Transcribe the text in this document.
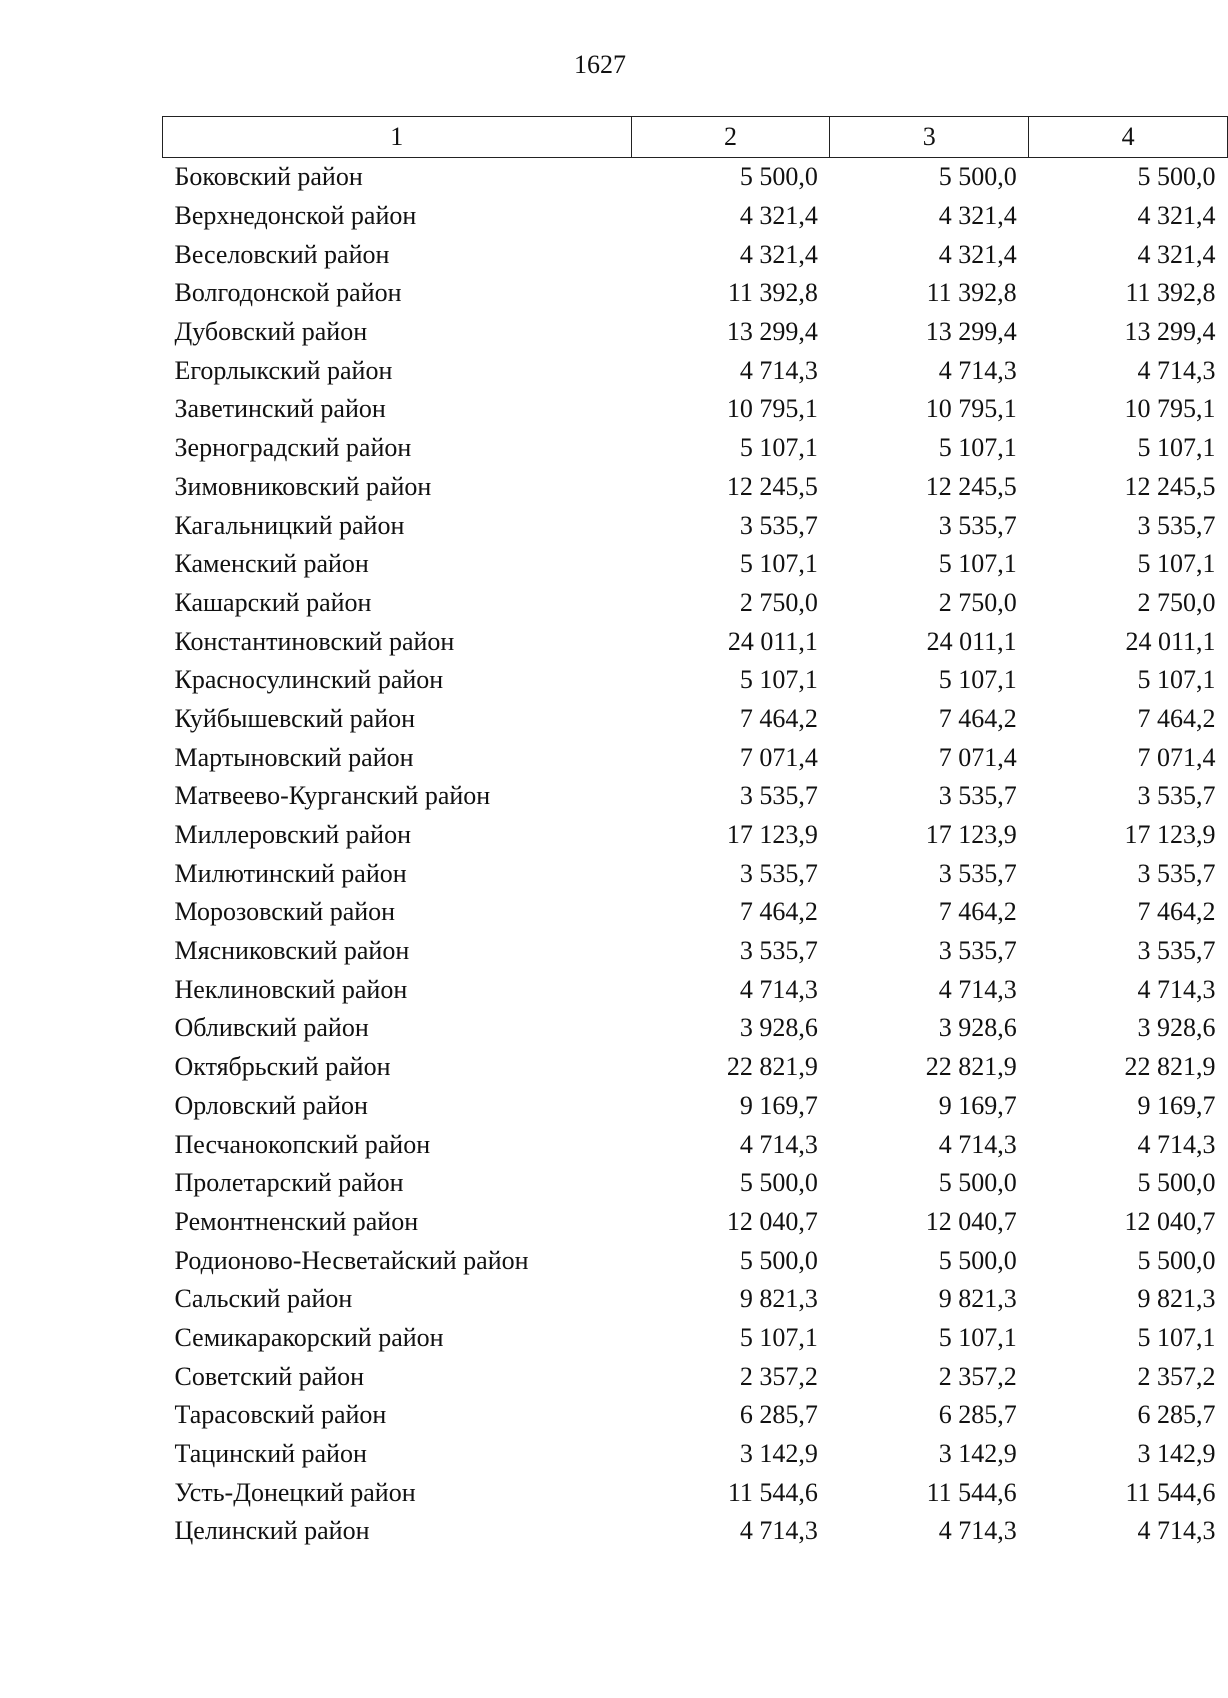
1627
1	2	3	4
Боковский район	5 500,0	5 500,0	5 500,0
Верхнедонской район	4 321,4	4 321,4	4 321,4
Веселовский район	4 321,4	4 321,4	4 321,4
Волгодонской район	11 392,8	11 392,8	11 392,8
Дубовский район	13 299,4	13 299,4	13 299,4
Егорлыкский район	4 714,3	4 714,3	4 714,3
Заветинский район	10 795,1	10 795,1	10 795,1
Зерноградский район	5 107,1	5 107,1	5 107,1
Зимовниковский район	12 245,5	12 245,5	12 245,5
Кагальницкий район	3 535,7	3 535,7	3 535,7
Каменский район	5 107,1	5 107,1	5 107,1
Кашарский район	2 750,0	2 750,0	2 750,0
Константиновский район	24 011,1	24 011,1	24 011,1
Красносулинский район	5 107,1	5 107,1	5 107,1
Куйбышевский район	7 464,2	7 464,2	7 464,2
Мартыновский район	7 071,4	7 071,4	7 071,4
Матвеево-Курганский район	3 535,7	3 535,7	3 535,7
Миллеровский район	17 123,9	17 123,9	17 123,9
Милютинский район	3 535,7	3 535,7	3 535,7
Морозовский район	7 464,2	7 464,2	7 464,2
Мясниковский район	3 535,7	3 535,7	3 535,7
Неклиновский район	4 714,3	4 714,3	4 714,3
Обливский район	3 928,6	3 928,6	3 928,6
Октябрьский район	22 821,9	22 821,9	22 821,9
Орловский район	9 169,7	9 169,7	9 169,7
Песчанокопский район	4 714,3	4 714,3	4 714,3
Пролетарский район	5 500,0	5 500,0	5 500,0
Ремонтненский район	12 040,7	12 040,7	12 040,7
Родионово-Несветайский район	5 500,0	5 500,0	5 500,0
Сальский район	9 821,3	9 821,3	9 821,3
Семикаракорский район	5 107,1	5 107,1	5 107,1
Советский район	2 357,2	2 357,2	2 357,2
Тарасовский район	6 285,7	6 285,7	6 285,7
Тацинский район	3 142,9	3 142,9	3 142,9
Усть-Донецкий район	11 544,6	11 544,6	11 544,6
Целинский район	4 714,3	4 714,3	4 714,3
